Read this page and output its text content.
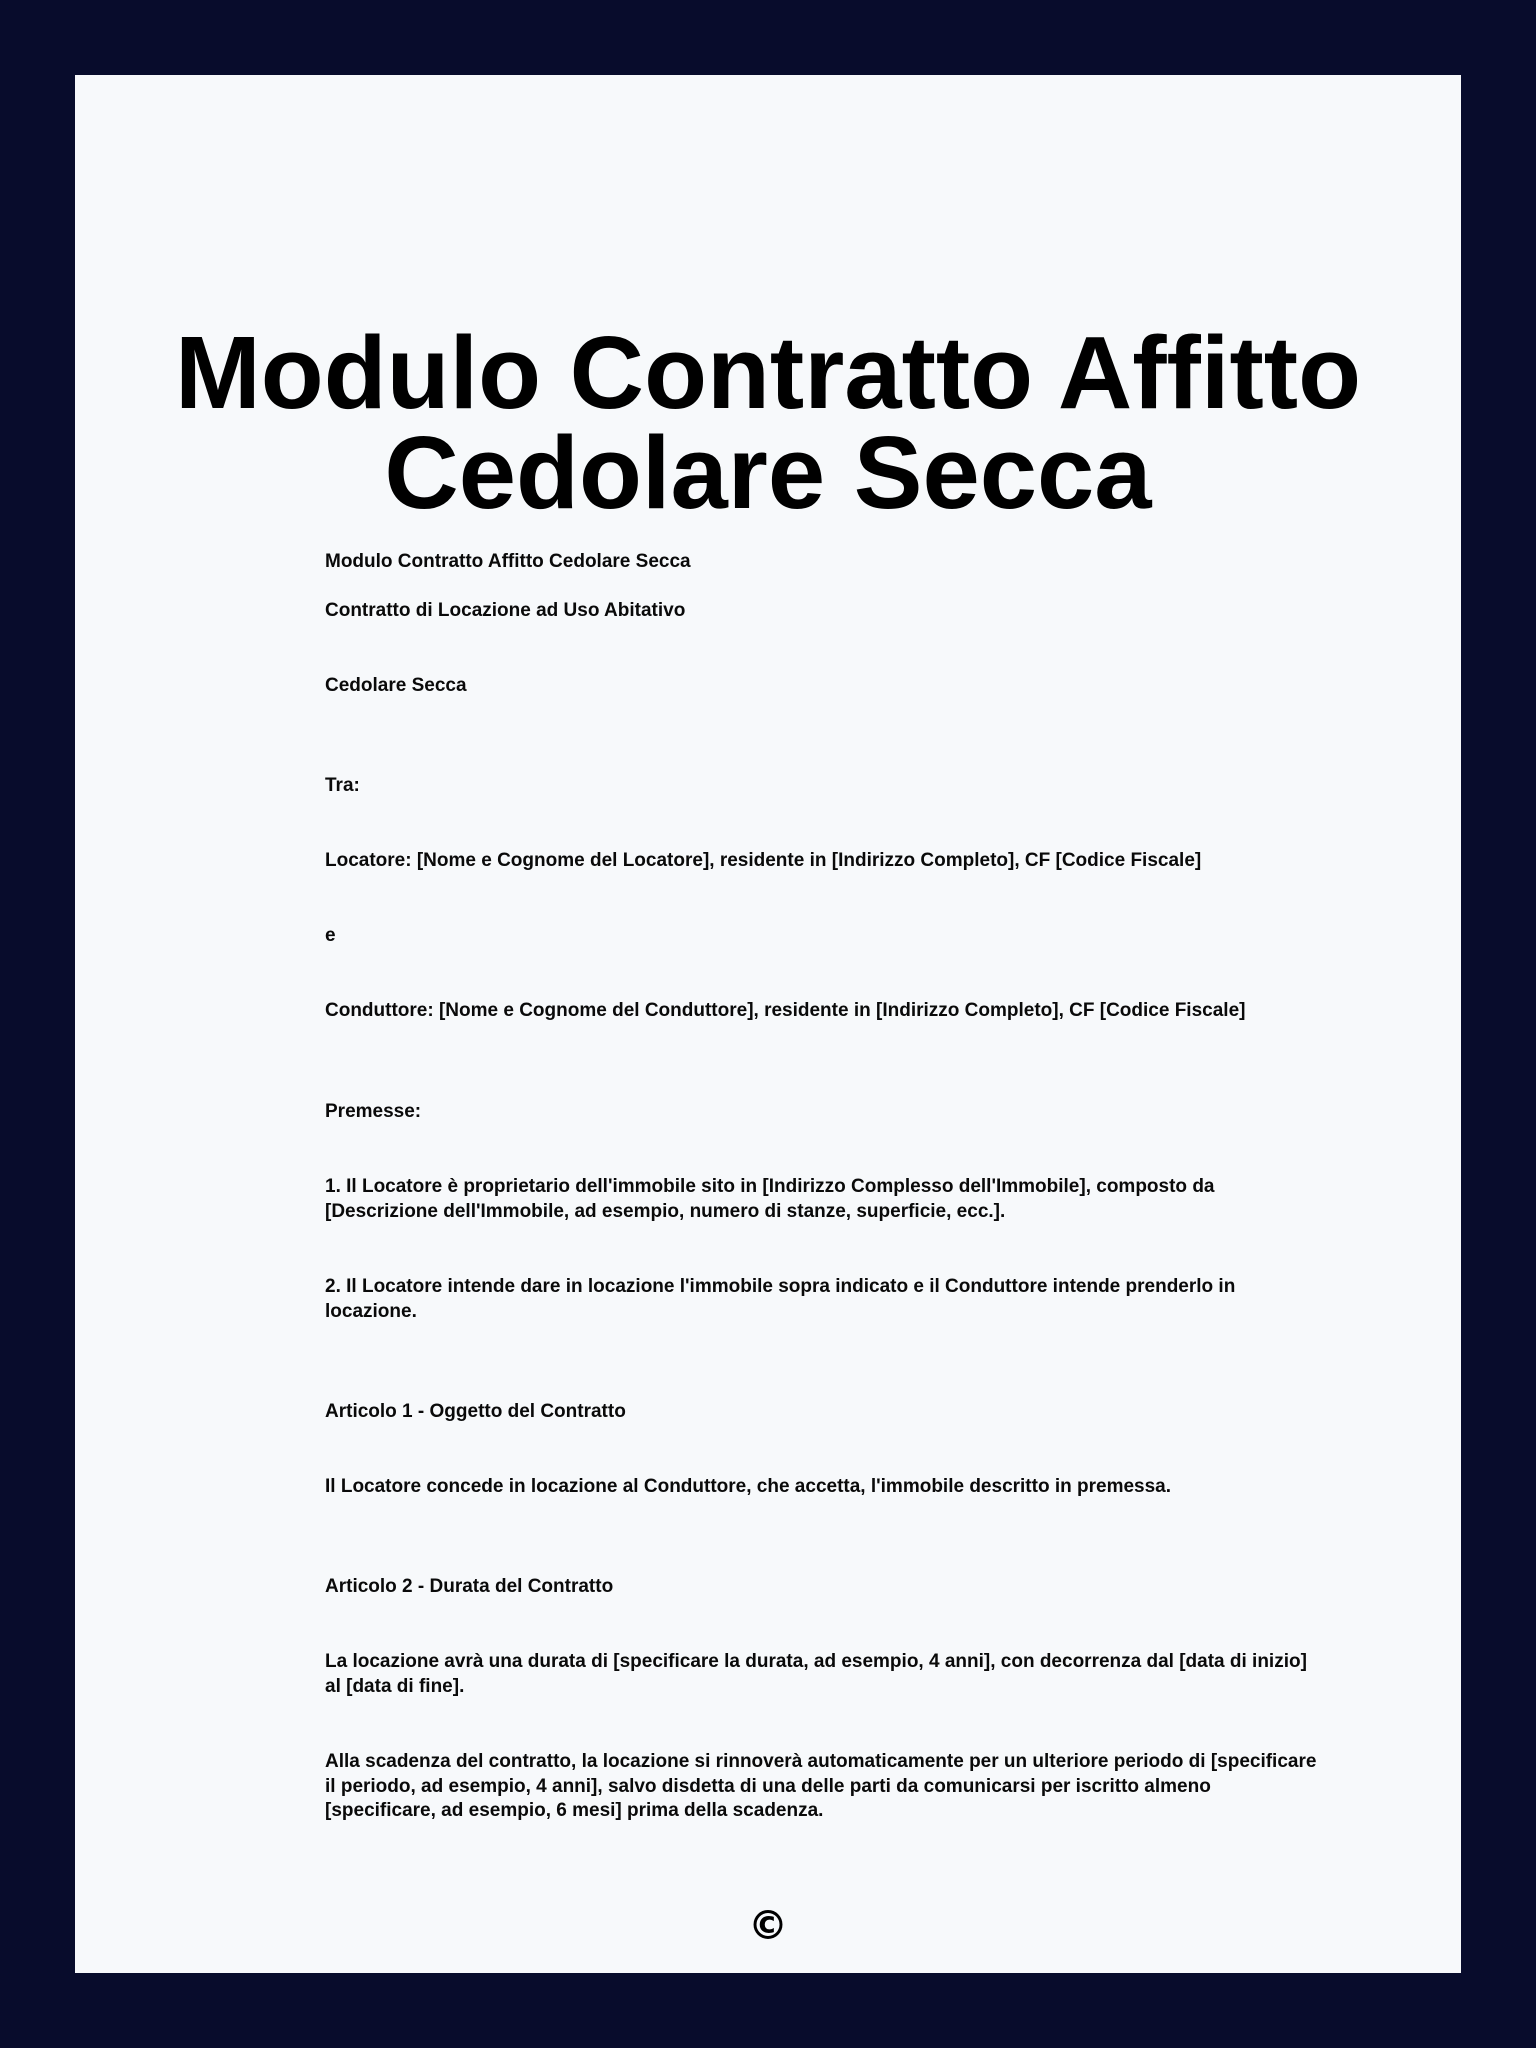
Modulo Contratto Affitto
Cedolare Secca

Modulo Contratto Affitto Cedolare Secca

Contratto di Locazione ad Uso Abitativo

Cedolare Secca

Tra:

Locatore: [Nome e Cognome del Locatore], residente in [Indirizzo Completo], CF [Codice Fiscale]

e

Conduttore: [Nome e Cognome del Conduttore], residente in [Indirizzo Completo], CF [Codice Fiscale]

Premesse:

1. Il Locatore è proprietario dell'immobile sito in [Indirizzo Complesso dell'Immobile], composto da [Descrizione dell'Immobile, ad esempio, numero di stanze, superficie, ecc.].

2. Il Locatore intende dare in locazione l'immobile sopra indicato e il Conduttore intende prenderlo in locazione.

Articolo 1 - Oggetto del Contratto

Il Locatore concede in locazione al Conduttore, che accetta, l'immobile descritto in premessa.

Articolo 2 - Durata del Contratto

La locazione avrà una durata di [specificare la durata, ad esempio, 4 anni], con decorrenza dal [data di inizio] al [data di fine].

Alla scadenza del contratto, la locazione si rinnoverà automaticamente per un ulteriore periodo di [specificare il periodo, ad esempio, 4 anni], salvo disdetta di una delle parti da comunicarsi per iscritto almeno [specificare, ad esempio, 6 mesi] prima della scadenza.

©
